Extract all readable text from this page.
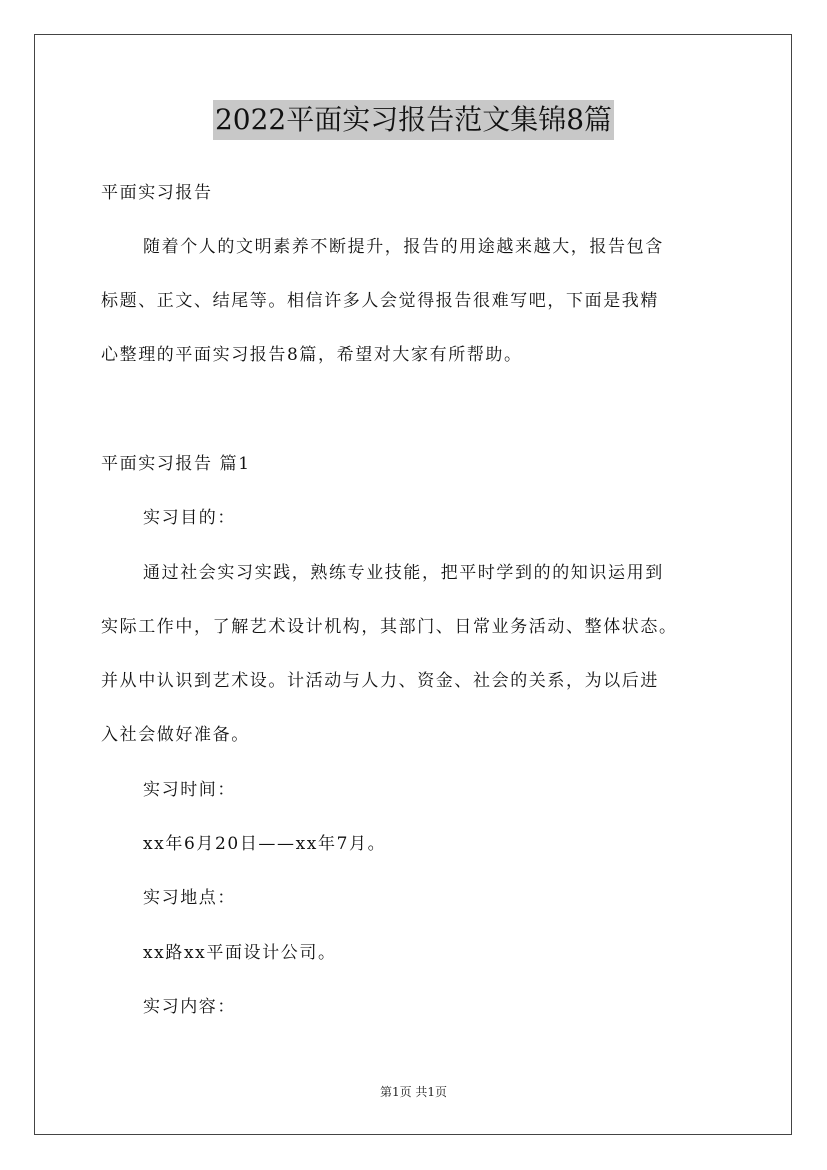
2022平面实习报告范文集锦8篇
平面实习报告
随着个人的文明素养不断提升，报告的用途越来越大，报告包含
标题、正文、结尾等。相信许多人会觉得报告很难写吧，下面是我精
心整理的平面实习报告8篇，希望对大家有所帮助。
平面实习报告 篇1
实习目的：
通过社会实习实践，熟练专业技能，把平时学到的的知识运用到
实际工作中，了解艺术设计机构，其部门、日常业务活动、整体状态。
并从中认识到艺术设。计活动与人力、资金、社会的关系，为以后进
入社会做好准备。
实习时间：
xx年6月20日——xx年7月。
实习地点：
xx路xx平面设计公司。
实习内容：
第1页 共1页
